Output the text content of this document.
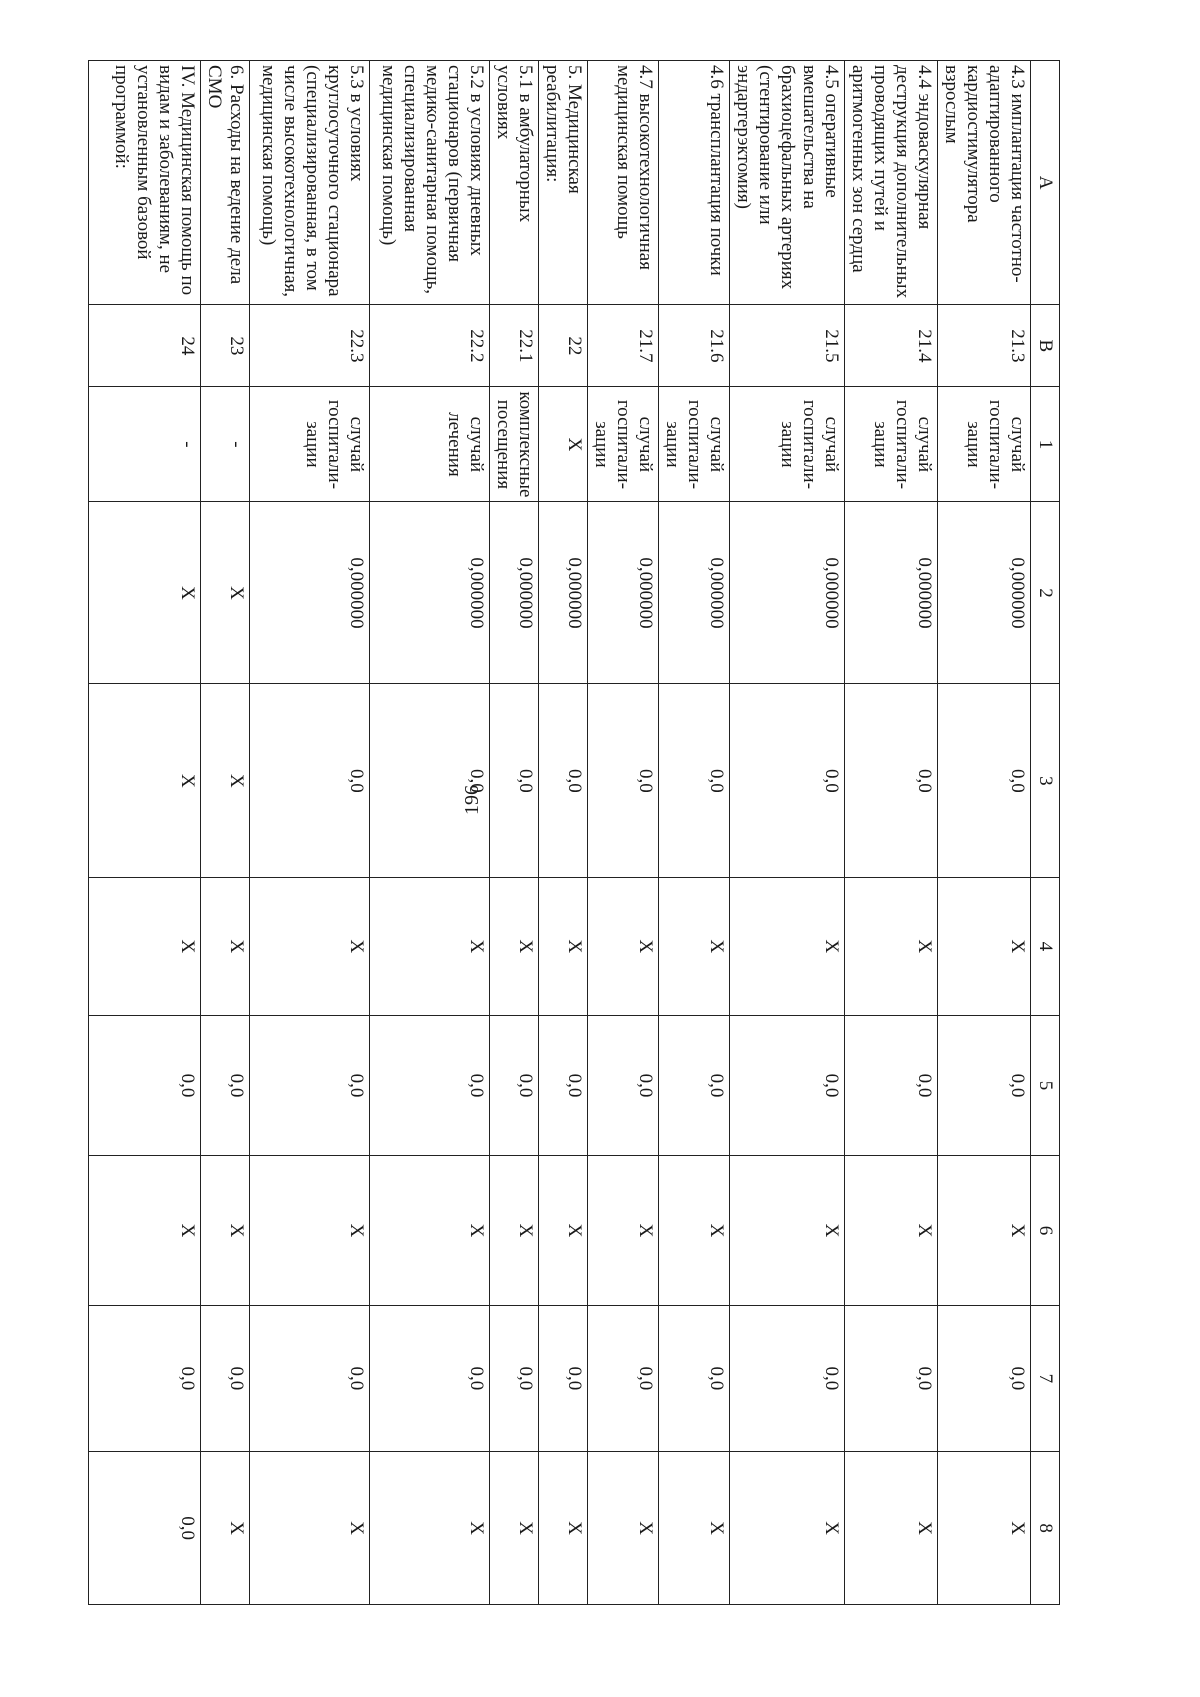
196
A	B	1	2	3	4	5	6	7	8
4.3 имплантация частотно-адаптированного кардиостимулятора взрослым	21.3	случай госпитали-зации	0,000000	0,0	X	0,0	X	0,0	X
4.4 эндоваскулярная деструкция дополнительных проводящих путей и аритмогенных зон сердца	21.4	случай госпитали-зации	0,000000	0,0	X	0,0	X	0,0	X
4.5 оперативные вмешательства на брахиоцефальных артериях (стентирование или эндартерэктомия)	21.5	случай госпитали-зации	0,000000	0,0	X	0,0	X	0,0	X
4.6 трансплантация почки	21.6	случай госпитали-зации	0,000000	0,0	X	0,0	X	0,0	X
4.7 высокотехнологичная медицинская помощь	21.7	случай госпитали-зации	0,000000	0,0	X	0,0	X	0,0	X
5. Медицинская реабилитация:	22	X	0,000000	0,0	X	0,0	X	0,0	X
5.1 в амбулаторных условиях	22.1	комплексные посещения	0,000000	0,0	X	0,0	X	0,0	X
5.2 в условиях дневных стационаров (первичная медико-санитарная помощь, специализированная медицинская помощь)	22.2	случай лечения	0,000000	0,0	X	0,0	X	0,0	X
5.3 в условиях круглосуточного стационара (специализированная, в том числе высокотехнологичная, медицинская помощь)	22.3	случай госпитали-зации	0,000000	0,0	X	0,0	X	0,0	X
6. Расходы на ведение дела СМО	23	-	X	X	X	0,0	X	0,0	X
IV. Медицинская помощь по видам и заболеваниям, не установленным базовой программой:	24	-	X	X	X	0,0	X	0,0	0,0
